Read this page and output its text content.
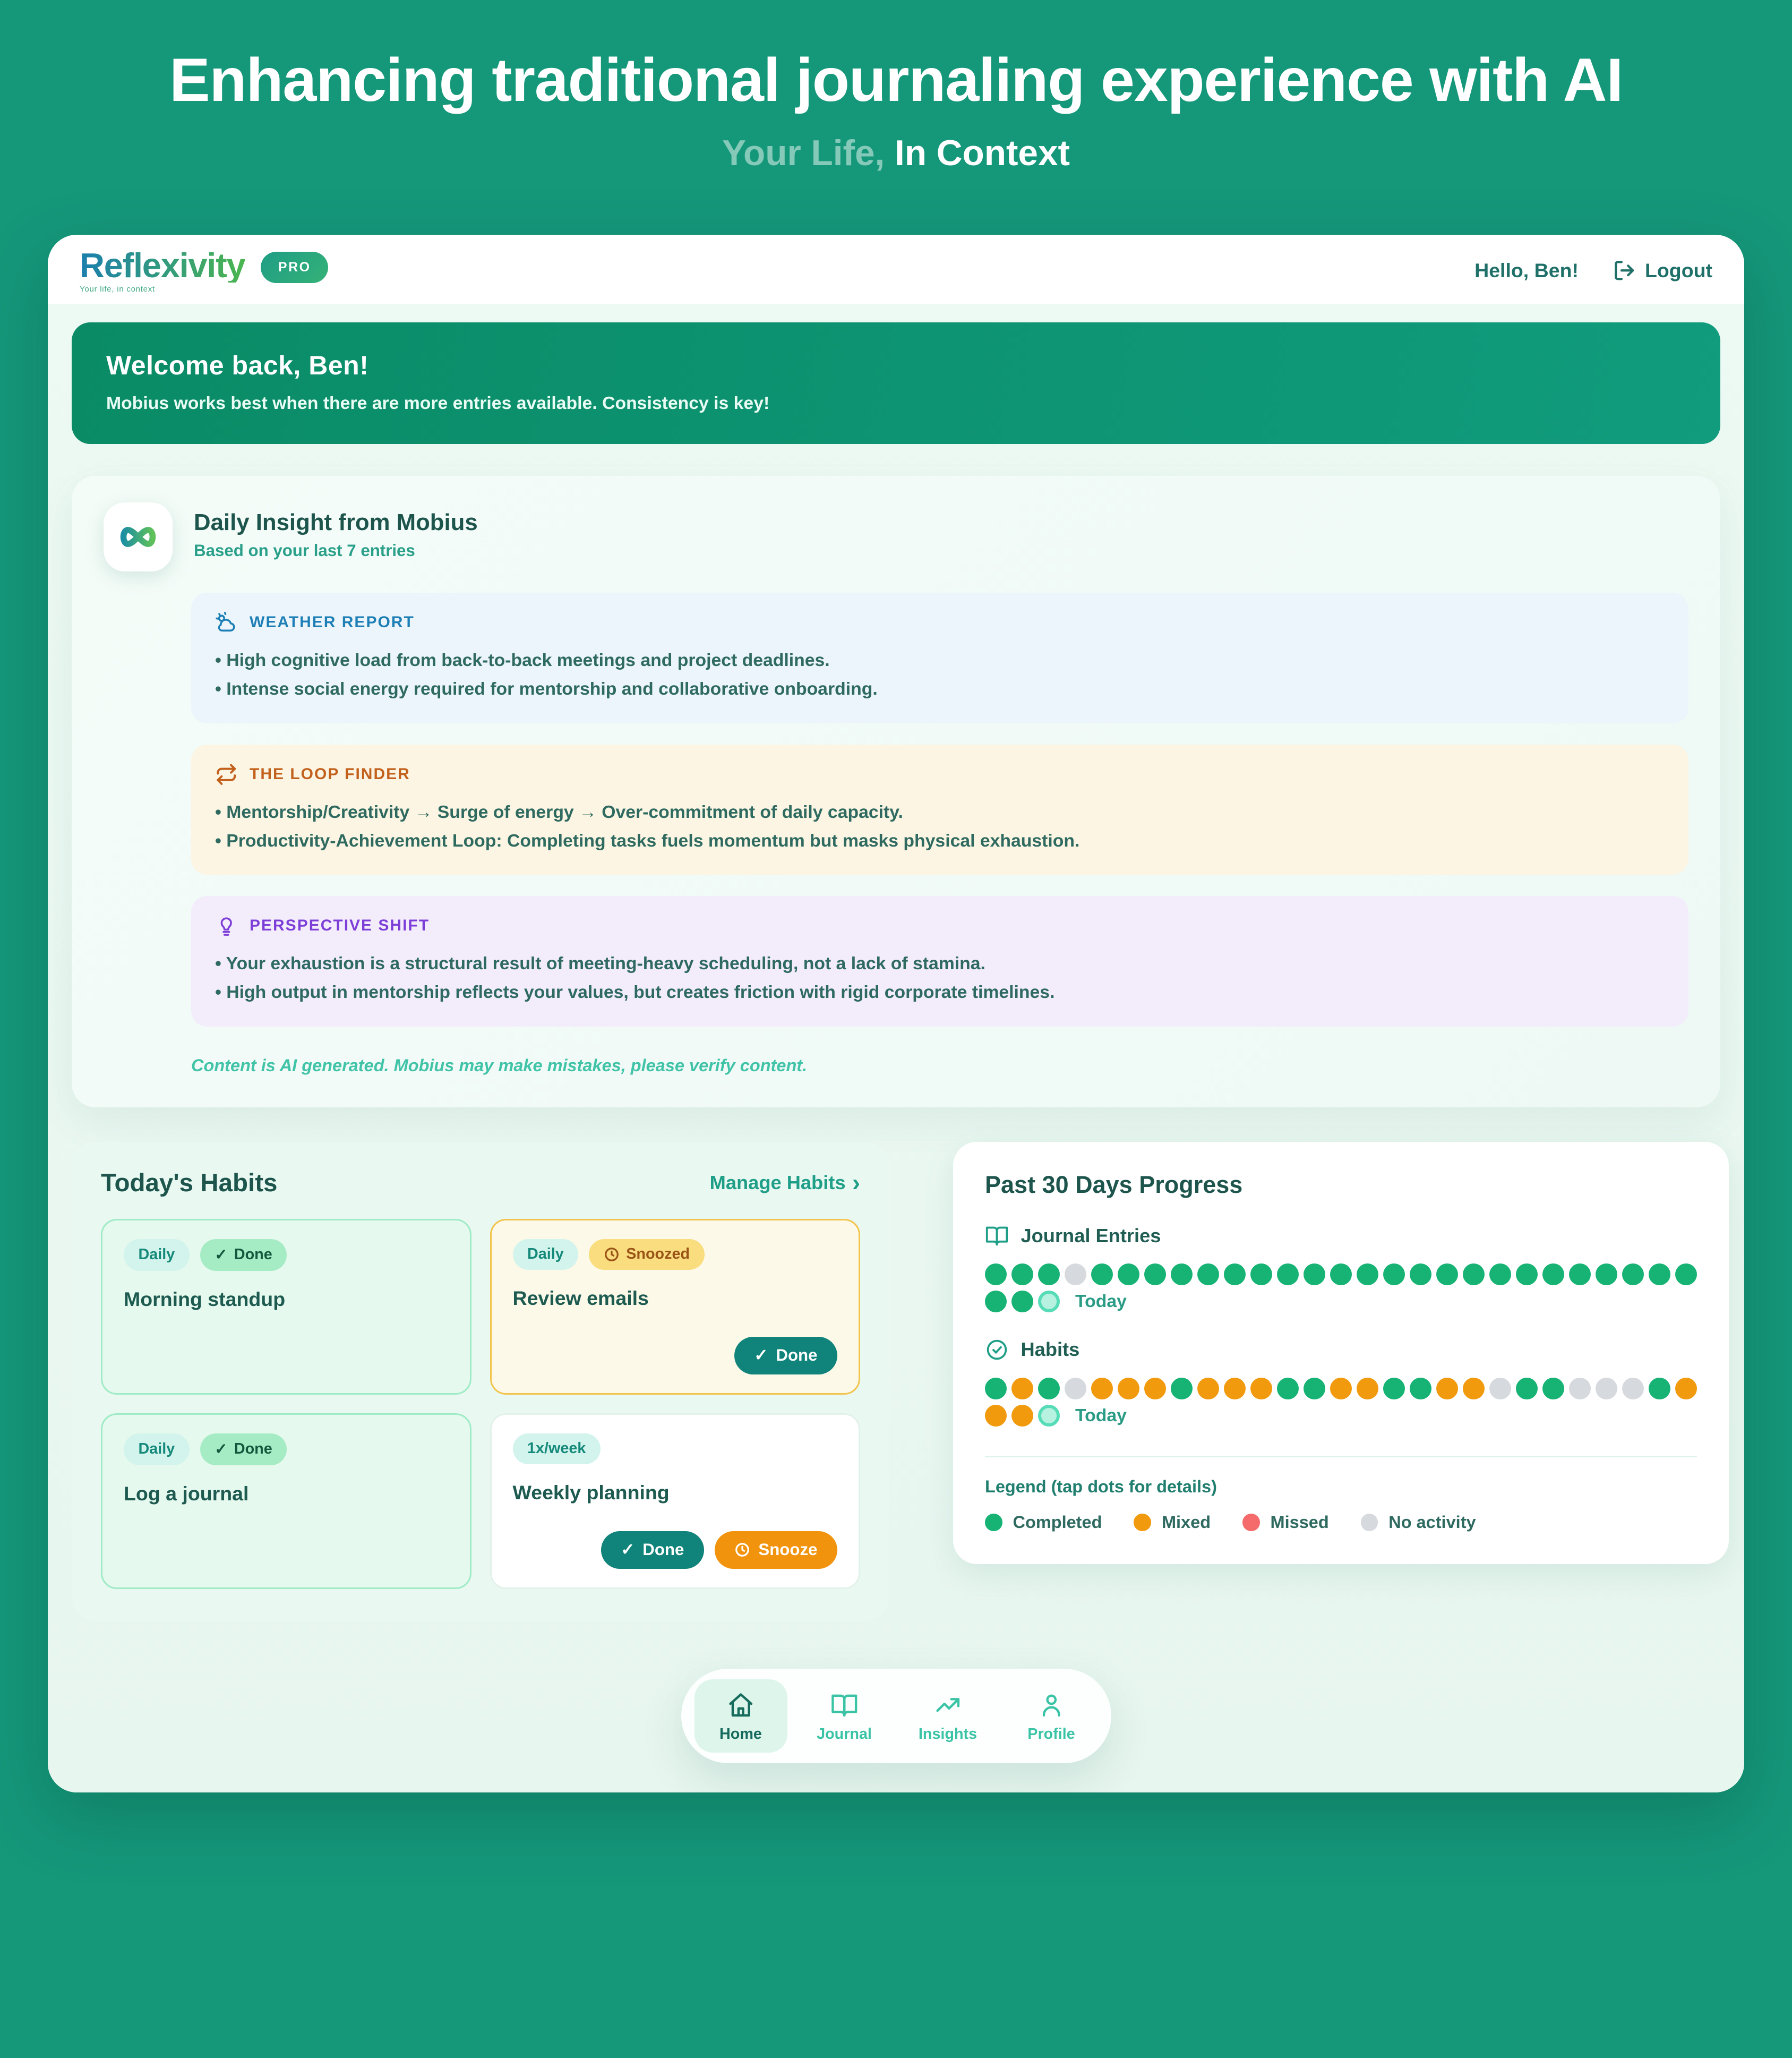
Enhancing traditional journaling experience with AI
Your Life, In Context
Reflexivity
Your life, in context
PRO	Hello, Ben!	Logout
Welcome back, Ben!

Mobius works best when there are more entries available. Consistency is key!

Daily Insight from Mobius
Based on your last 7 entries
WEATHER REPORT
• High cognitive load from back-to-back meetings and project deadlines.
• Intense social energy required for mentorship and collaborative onboarding.
THE LOOP FINDER
• Mentorship/Creativity → Surge of energy → Over-commitment of daily capacity.
• Productivity-Achievement Loop: Completing tasks fuels momentum but masks physical exhaustion.
PERSPECTIVE SHIFT
• Your exhaustion is a structural result of meeting-heavy scheduling, not a lack of stamina.
• High output in mentorship reflects your values, but creates friction with rigid corporate timelines.
Content is AI generated. Mobius may make mistakes, please verify content.
Today's Habits	Manage Habits ›
Daily	✓ Done
Morning standup
Daily	Snoozed
Review emails
✓ Done
Daily	✓ Done
Log a journal
1x/week
Weekly planning
✓ Done	Snooze
Past 30 Days Progress
Journal Entries
Today
Habits
Today
Legend (tap dots for details)
Completed	Mixed	Missed	No activity
Home	Journal	Insights	Profile
